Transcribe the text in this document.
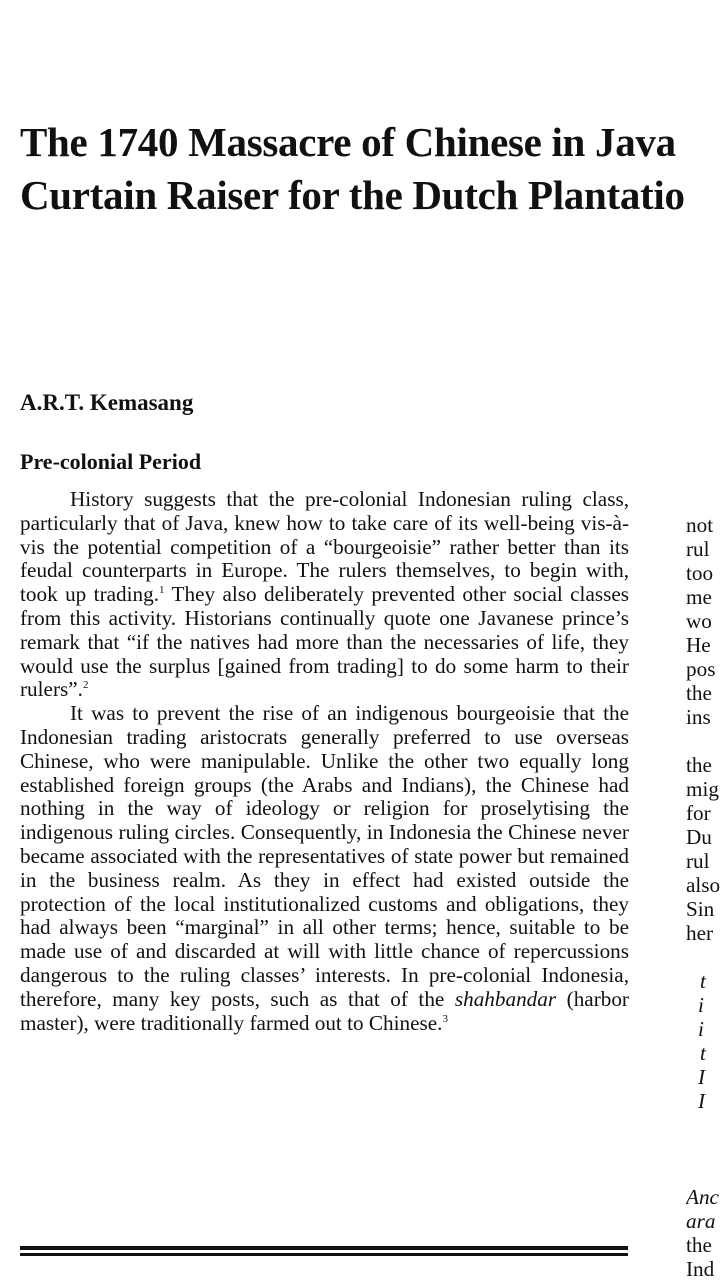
The 1740 Massacre of Chinese in Java
Curtain Raiser for the Dutch Plantatio
A.R.T. Kemasang
Pre-colonial Period

History suggests that the pre-colonial Indonesian ruling class, particularly that of Java, knew how to take care of its well-being vis-à-vis the potential competition of a “bourgeoisie” rather better than its feudal counterparts in Europe. The rulers themselves, to begin with, took up trading.$^1$ They also deliberately prevented other social classes from this activity. Historians continually quote one Javanese prince’s remark that “if the natives had more than the necessaries of life, they would use the surplus [gained from trading] to do some harm to their rulers”.$^2$

It was to prevent the rise of an indigenous bourgeoisie that the Indonesian trading aristocrats generally preferred to use overseas Chinese, who were manipulable. Unlike the other two equally long established foreign groups (the Arabs and Indians), the Chinese had nothing in the way of ideology or religion for proselytising the indigenous ruling circles. Consequently, in Indonesia the Chinese never became associated with the representatives of state power but remained in the business realm. As they in effect had existed outside the protection of the local institutionalized customs and obligations, they had always been “marginal” in all other terms; hence, suitable to be made use of and discarded at will with little chance of repercussions dangerous to the ruling classes’ interests. In pre-colonial Indonesia, therefore, many key posts, such as that of the shahbandar (harbor master), were traditionally farmed out to Chinese.$^3$

not
rul
too
me
wo
He
pos
the
ins
the
mig
for
Du
rul
also
Sin
her
t
i
i
t
I
I
Anc
ara
the
Ind
